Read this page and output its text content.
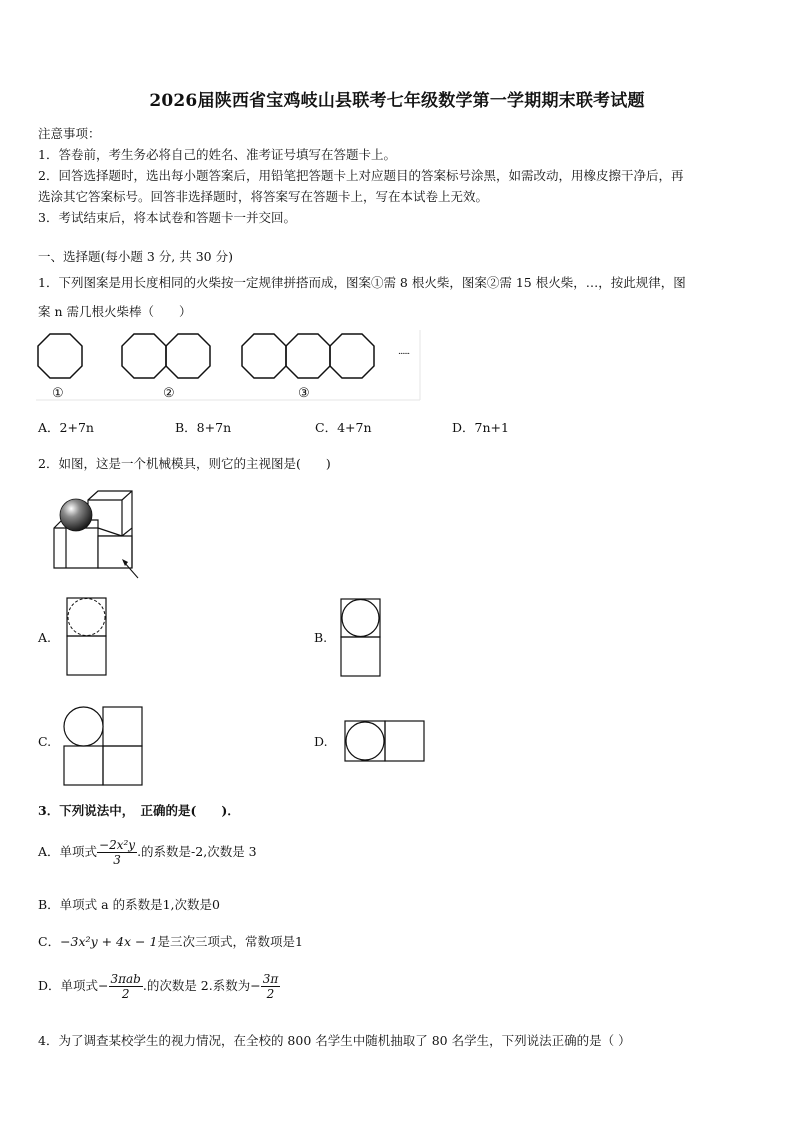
2026届陕西省宝鸡岐山县联考七年级数学第一学期期末联考试题
注意事项：
1．答卷前，考生务必将自己的姓名、准考证号填写在答题卡上。
2．回答选择题时，选出每小题答案后，用铅笔把答题卡上对应题目的答案标号涂黑，如需改动，用橡皮擦干净后，再
选涂其它答案标号。回答非选择题时，将答案写在答题卡上，写在本试卷上无效。
3．考试结束后，将本试卷和答题卡一并交回。
一、选择题(每小题 3 分, 共 30 分)
1．下列图案是用长度相同的火柴按一定规律拼搭而成，图案①需 8 根火柴，图案②需 15 根火柴，…，按此规律，图
案 n 需几根火柴棒（　　）
①	②	③
......
A．2+7n	B．8+7n	C．4+7n	D．7n+1
2．如图，这是一个机械模具，则它的主视图是(　　)
A.	B.
C.	D.
3．下列说法中，　正确的是(　　)．
A．单项式 $\frac{\text{−2x²y}}{3}$ .的系数是-2,次数是 3
B．单项式 a 的系数是1,次数是0
C．−3x²y + 4x − 1是三次三项式，常数项是1
D．单项式− $\frac{\text{3πab}}{2}$ .的次数是 2.系数为− $\frac{3\pi}{2}$
4．为了调查某校学生的视力情况，在全校的 800 名学生中随机抽取了 80 名学生，下列说法正确的是（ ）
